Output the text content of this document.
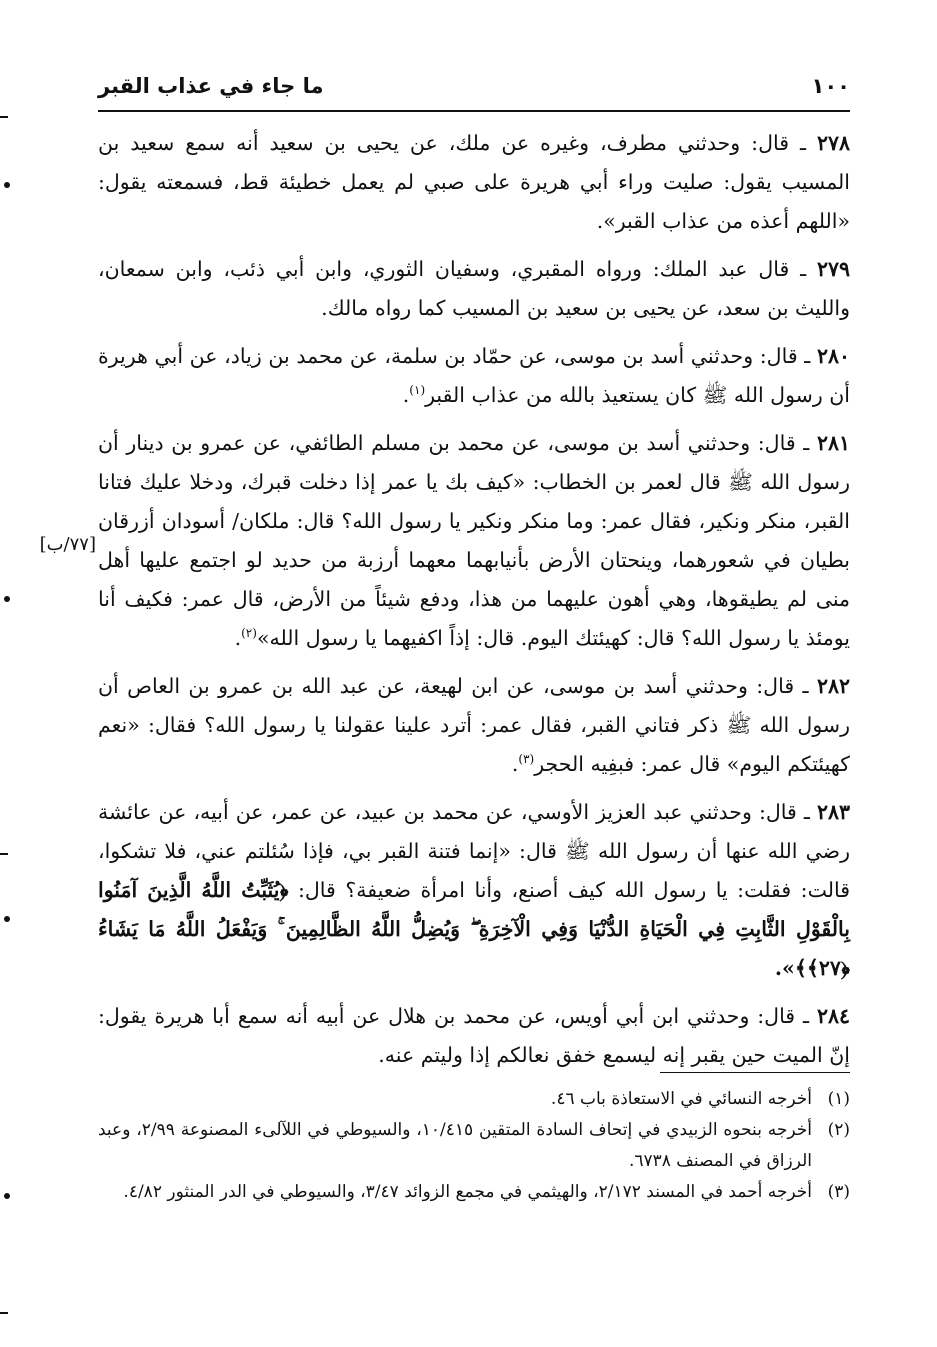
١٠٠
ما جاء في عذاب القبر

٢٧٨ ـ قال: وحدثني مطرف، وغيره عن ملك، عن يحيى بن سعيد أنه سمع سعيد بن المسيب يقول: صليت وراء أبي هريرة على صبي لم يعمل خطيئة قط، فسمعته يقول: «اللهم أعذه من عذاب القبر».

٢٧٩ ـ قال عبد الملك: ورواه المقبري، وسفيان الثوري، وابن أبي ذئب، وابن سمعان، والليث بن سعد، عن يحيى بن سعيد بن المسيب كما رواه مالك.

٢٨٠ ـ قال: وحدثني أسد بن موسى، عن حمّاد بن سلمة، عن محمد بن زياد، عن أبي هريرة أن رسول الله ﷺ كان يستعيذ بالله من عذاب القبر$^{(١)}$.

٢٨١ ـ قال: وحدثني أسد بن موسى، عن محمد بن مسلم الطائفي، عن عمرو بن دينار أن رسول الله ﷺ قال لعمر بن الخطاب: «كيف بك يا عمر إذا دخلت قبرك، ودخلا عليك فتانا القبر، منكر ونكير، فقال عمر: وما منكر ونكير يا رسول الله؟ قال: ملكان/ أسودان أزرقان بطيان في شعورهما، وينحتان الأرض بأنيابهما معهما أرزبة من حديد لو اجتمع عليها أهل منى لم يطيقوها، وهي أهون عليهما من هذا، ودفع شيئاً من الأرض، قال عمر: فكيف أنا يومئذ يا رسول الله؟ قال: كهيئتك اليوم. قال: إذاً اكفيهما يا رسول الله»$^{(٢)}$.

٢٨٢ ـ قال: وحدثني أسد بن موسى، عن ابن لهيعة، عن عبد الله بن عمرو بن العاص أن رسول الله ﷺ ذكر فتاني القبر، فقال عمر: أترد علينا عقولنا يا رسول الله؟ فقال: «نعم كهيئتكم اليوم» قال عمر: فبفِيه الحجر$^{(٣)}$.

٢٨٣ ـ قال: وحدثني عبد العزيز الأوسي، عن محمد بن عبيد، عن عمر، عن أبيه، عن عائشة رضي الله عنها أن رسول الله ﷺ قال: «إنما فتنة القبر بي، فإذا سُئلتم عني، فلا تشكوا، قالت: فقلت: يا رسول الله كيف أصنع، وأنا امرأة ضعيفة؟ قال: ﴿يُثَبِّتُ اللَّهُ الَّذِينَ آمَنُوا بِالْقَوْلِ الثَّابِتِ فِي الْحَيَاةِ الدُّنْيَا وَفِي الْآخِرَةِ ۖ وَيُضِلُّ اللَّهُ الظَّالِمِينَ ۚ وَيَفْعَلُ اللَّهُ مَا يَشَاءُ ﴿٢٧﴾﴾».

٢٨٤ ـ قال: وحدثني ابن أبي أويس، عن محمد بن هلال عن أبيه أنه سمع أبا هريرة يقول: إنّ الميت حين يقبر إنه ليسمع خفق نعالكم إذا وليتم عنه.

[٧٧/ب]
(١)
أخرجه النسائي في الاستعاذة باب ٤٦.
(٢)
أخرجه بنحوه الزبيدي في إتحاف السادة المتقين ١٠/٤١٥، والسيوطي في اللآلىء المصنوعة ٢/٩٩، وعبد الرزاق في المصنف ٦٧٣٨.
(٣)
أخرجه أحمد في المسند ٢/١٧٢، والهيثمي في مجمع الزوائد ٣/٤٧، والسيوطي في الدر المنثور ٤/٨٢.
